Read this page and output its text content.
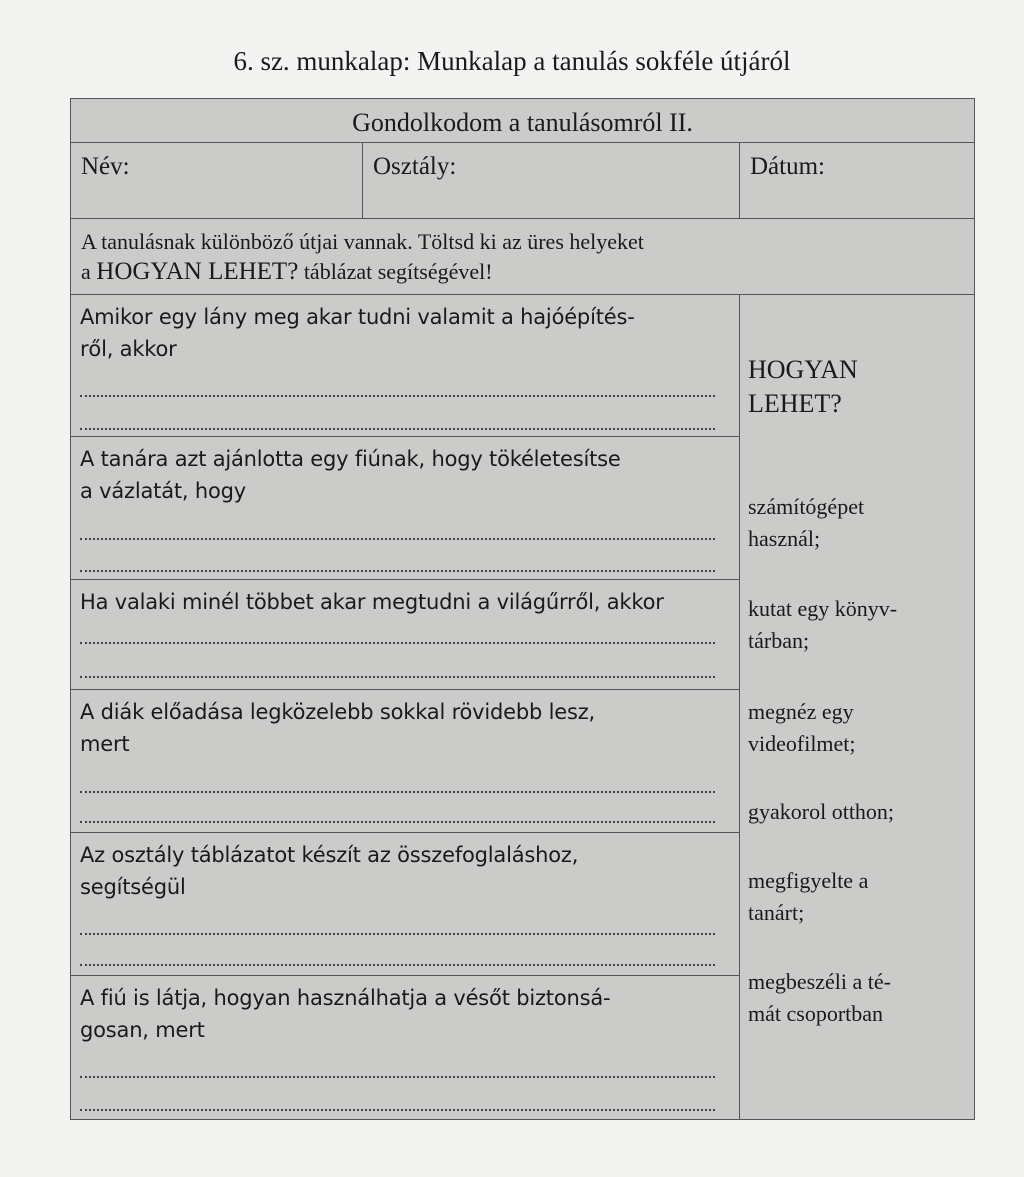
6. sz. munkalap: Munkalap a tanulás sokféle útjáról
Gondolkodom a tanulásomról II.
Név:	Osztály:	Dátum:
A tanulásnak különböző útjai vannak. Töltsd ki az üres helyeket
a HOGYAN LEHET? táblázat segítségével!
Amikor egy lány meg akar tudni valamit a hajóépítés-
ről, akkor
A tanára azt ajánlotta egy fiúnak, hogy tökéletesítse
a vázlatát, hogy
Ha valaki minél többet akar megtudni a világűrről, akkor
A diák előadása legközelebb sokkal rövidebb lesz,
mert
Az osztály táblázatot készít az összefoglaláshoz,
segítségül
A fiú is látja, hogyan használhatja a vésőt biztonsá-
gosan, mert
HOGYAN
LEHET?
számítógépet
használ;
kutat egy könyv-
tárban;
megnéz egy
videofilmet;
gyakorol otthon;
megfigyelte a
tanárt;
megbeszéli a té-
mát csoportban
